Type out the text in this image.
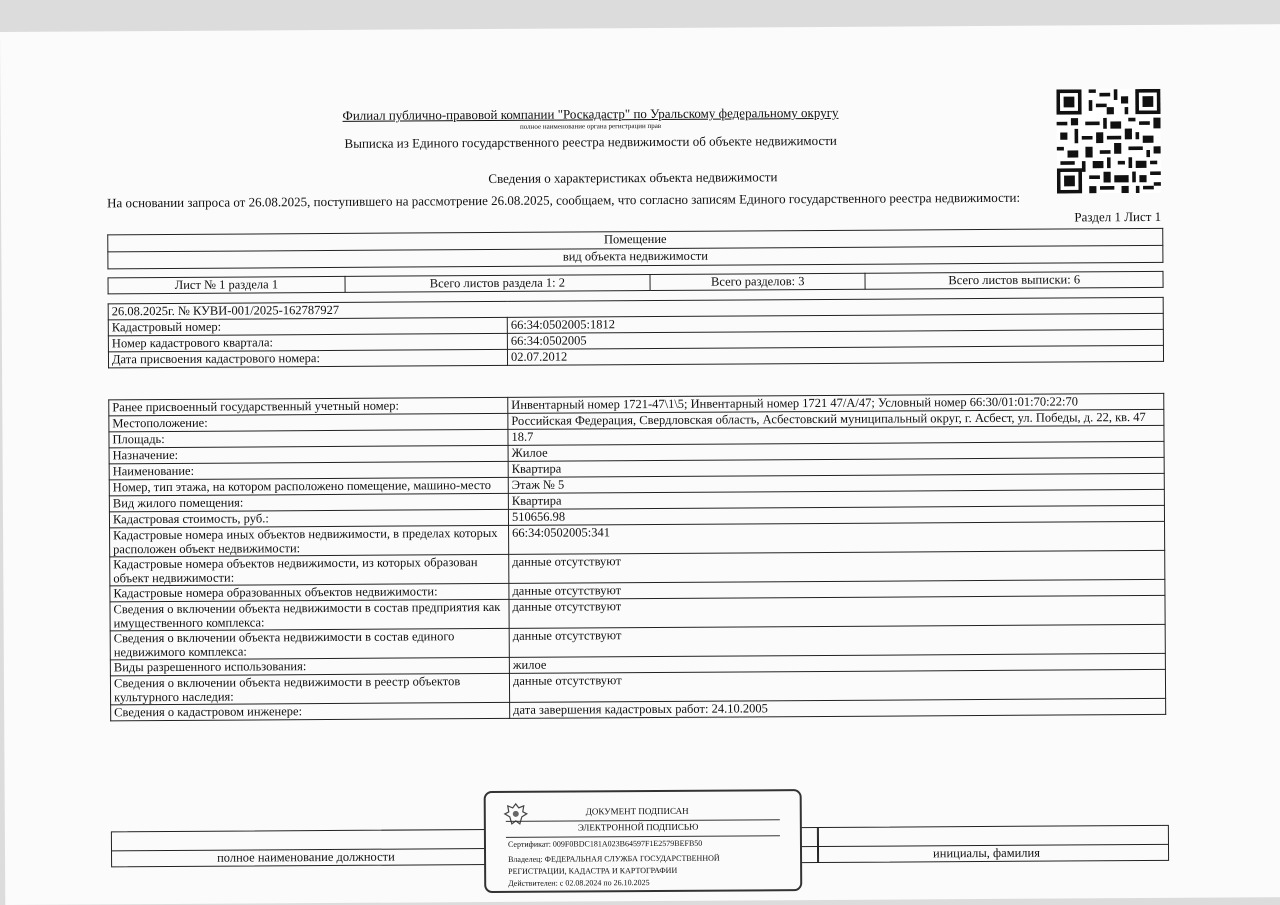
Филиал публично-правовой компании "Роскадастр" по Уральскому федеральному округу
полное наименование органа регистрации прав
Выписка из Единого государственного реестра недвижимости об объекте недвижимости
Сведения о характеристиках объекта недвижимости
На основании запроса от 26.08.2025, поступившего на рассмотрение 26.08.2025, сообщаем, что согласно записям Единого государственного реестра недвижимости:
Раздел 1 Лист 1
Помещение
вид объекта недвижимости
Лист № 1 раздела 1	Всего листов раздела 1: 2	Всего разделов: 3	Всего листов выписки: 6
26.08.2025г. № КУВИ-001/2025-162787927	
Кадастровый номер:	66:34:0502005:1812
Номер кадастрового квартала:	66:34:0502005
Дата присвоения кадастрового номера:	02.07.2012
Ранее присвоенный государственный учетный номер:	Инвентарный номер 1721-47\1\5; Инвентарный номер 1721 47/А/47; Условный номер 66:30/01:01:70:22:70
Местоположение:	Российская Федерация, Свердловская область, Асбестовский муниципальный округ, г. Асбест, ул. Победы, д. 22, кв. 47
Площадь:	18.7
Назначение:	Жилое
Наименование:	Квартира
Номер, тип этажа, на котором расположено помещение, машино-место	Этаж № 5
Вид жилого помещения:	Квартира
Кадастровая стоимость, руб.:	510656.98
Кадастровые номера иных объектов недвижимости, в пределах которых расположен объект недвижимости:	66:34:0502005:341
Кадастровые номера объектов недвижимости, из которых образован объект недвижимости:	данные отсутствуют
Кадастровые номера образованных объектов недвижимости:	данные отсутствуют
Сведения о включении объекта недвижимости в состав предприятия как имущественного комплекса:	данные отсутствуют
Сведения о включении объекта недвижимости в состав единого недвижимого комплекса:	данные отсутствуют
Виды разрешенного использования:	жилое
Сведения о включении объекта недвижимости в реестр объектов культурного наследия:	данные отсутствуют
Сведения о кадастровом инженере:	дата завершения кадастровых работ: 24.10.2005
полное наименование должности	инициалы, фамилия
ДОКУМЕНТ ПОДПИСАН
ЭЛЕКТРОННОЙ ПОДПИСЬЮ
Сертификат: 009F0BDC181A023B64597F1E2579BEFB50
Владелец: ФЕДЕРАЛЬНАЯ СЛУЖБА ГОСУДАРСТВЕННОЙ
РЕГИСТРАЦИИ, КАДАСТРА И КАРТОГРАФИИ
Действителен: с 02.08.2024 по 26.10.2025
